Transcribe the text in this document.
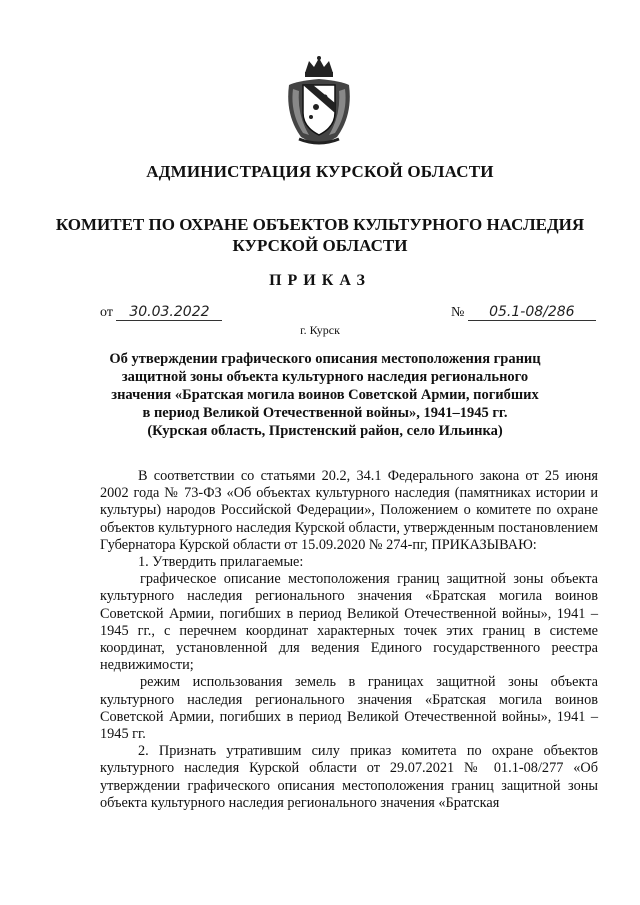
АДМИНИСТРАЦИЯ КУРСКОЙ ОБЛАСТИ
КОМИТЕТ ПО ОХРАНЕ ОБЪЕКТОВ КУЛЬТУРНОГО НАСЛЕДИЯ
КУРСКОЙ ОБЛАСТИ
ПРИКАЗ
от 30.03.2022	№ 05.1-08/286
г. Курск
Об утверждении графического описания местоположения границ
защитной зоны объекта культурного наследия регионального
значения «Братская могила воинов Советской Армии, погибших
в период Великой Отечественной войны», 1941–1945 гг.
(Курская область, Пристенский район, село Ильинка)

В соответствии со статьями 20.2, 34.1 Федерального закона от 25 июня 2002 года № 73-ФЗ «Об объектах культурного наследия (памятниках истории и культуры) народов Российской Федерации», Положением о комитете по охране объектов культурного наследия Курской области, утвержденным постановлением Губернатора Курской области от 15.09.2020 № 274-пг, ПРИКАЗЫВАЮ:

1. Утвердить прилагаемые:

графическое описание местоположения границ защитной зоны объекта культурного наследия регионального значения «Братская могила воинов Советской Армии, погибших в период Великой Отечественной войны», 1941 – 1945 гг., с перечнем координат характерных точек этих границ в системе координат, установленной для ведения Единого государственного реестра недвижимости;

режим использования земель в границах защитной зоны объекта культурного наследия регионального значения «Братская могила воинов Советской Армии, погибших в период Великой Отечественной войны», 1941 – 1945 гг.

2. Признать утратившим силу приказ комитета по охране объектов культурного наследия Курской области от 29.07.2021 № 01.1-08/277 «Об утверждении графического описания местоположения границ защитной зоны объекта культурного наследия регионального значения «Братская
